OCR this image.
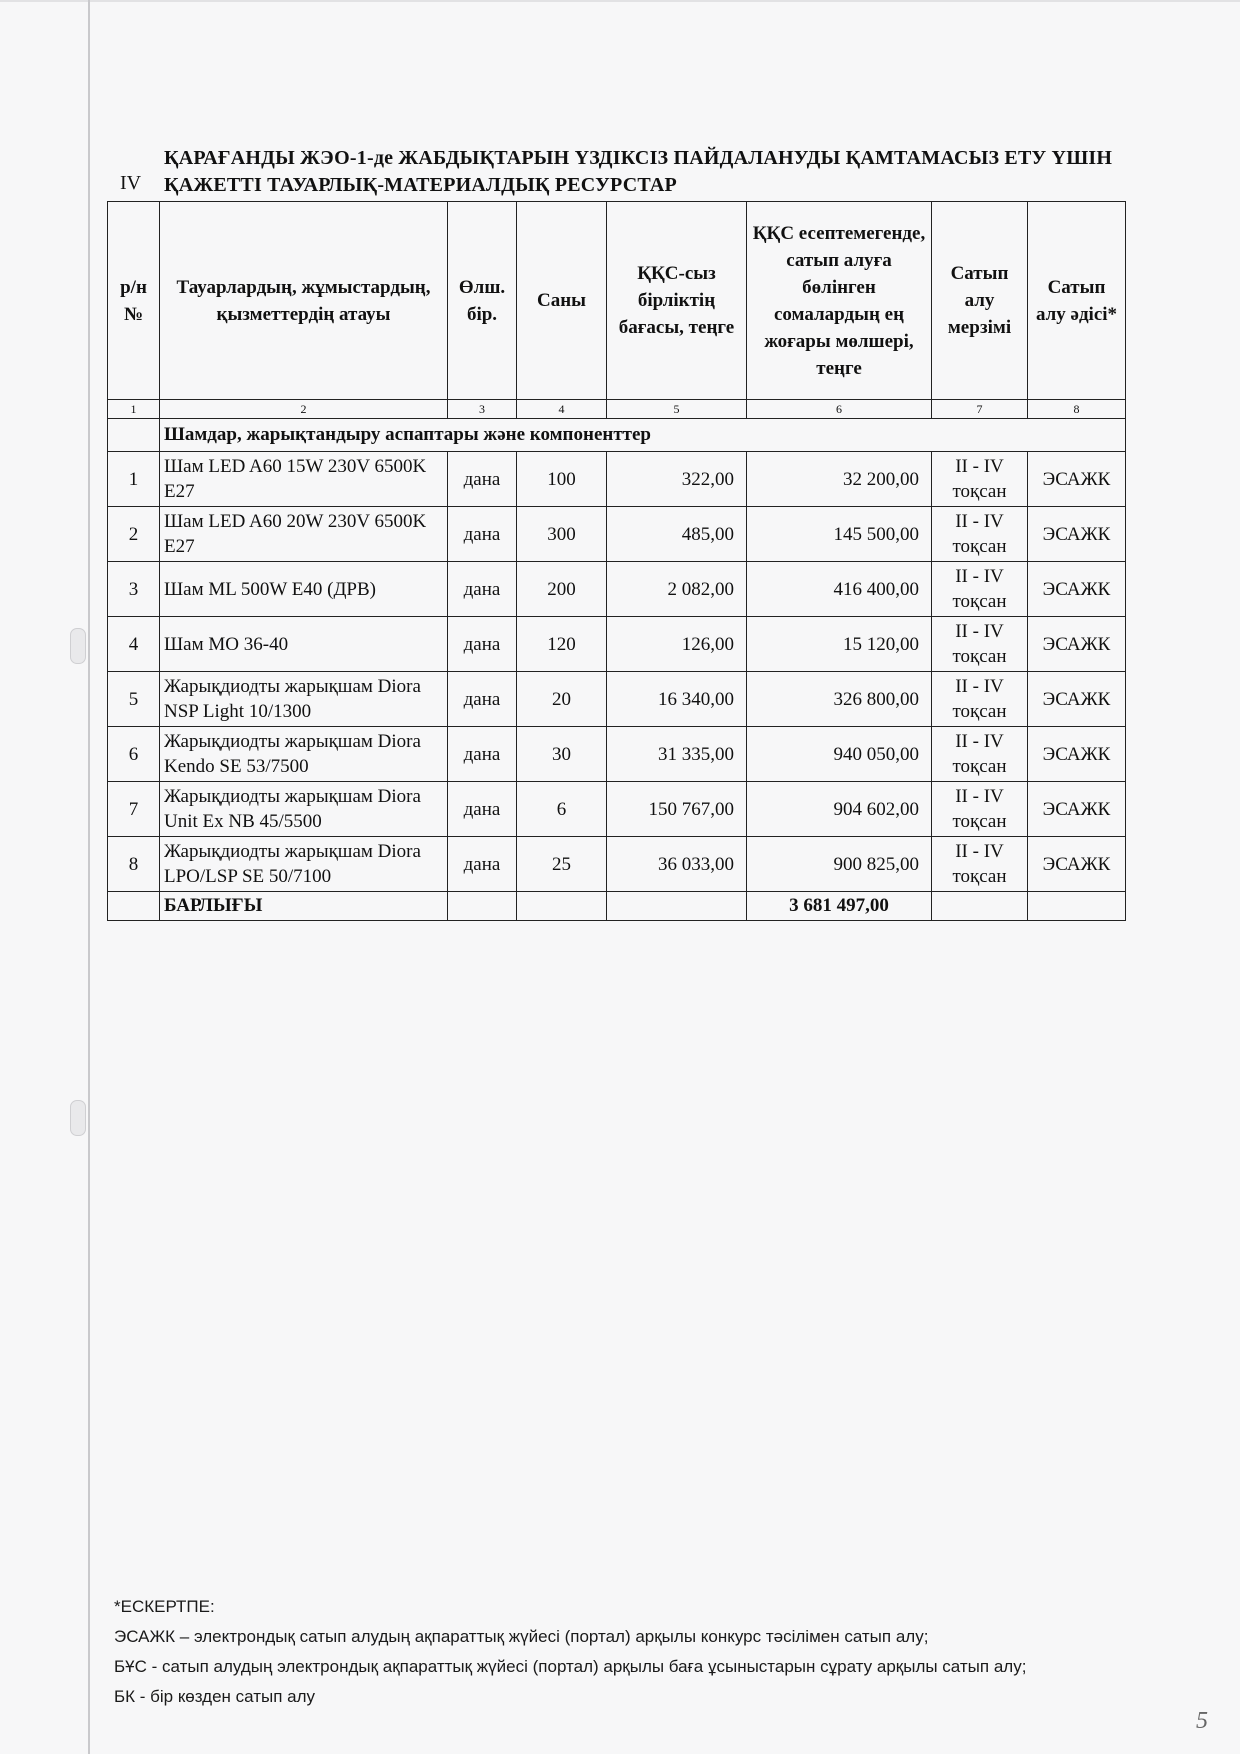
IV
ҚАРАҒАНДЫ ЖЭО-1-де ЖАБДЫҚТАРЫН ҮЗДІКСІЗ ПАЙДАЛАНУДЫ ҚАМТАМАСЫЗ ЕТУ ҮШІН ҚАЖЕТТІ ТАУАРЛЫҚ-МАТЕРИАЛДЫҚ РЕСУРСТАР
р/н №	Тауарлардың, жұмыстардың, қызметтердің атауы	Өлш. бір.	Саны	ҚҚС-сыз бірліктің бағасы, теңге	ҚҚС есептемегенде, сатып алуға бөлінген сомалардың ең жоғары мөлшері, теңге	Сатып алу мерзімі	Сатып алу әдісі*
1	2	3	4	5	6	7	8
	Шамдар, жарықтандыру аспаптары және компоненттер						
1	Шам LED A60 15W 230V 6500K E27	дана	100	322,00	32 200,00	II - IV тоқсан	ЭСАЖК
2	Шам LED A60 20W 230V 6500K E27	дана	300	485,00	145 500,00	II - IV тоқсан	ЭСАЖК
3	Шам ML 500W E40 (ДРВ)	дана	200	2 082,00	416 400,00	II - IV тоқсан	ЭСАЖК
4	Шам МО 36-40	дана	120	126,00	15 120,00	II - IV тоқсан	ЭСАЖК
5	Жарықдиодты жарықшам Diora NSP Light 10/1300	дана	20	16 340,00	326 800,00	II - IV тоқсан	ЭСАЖК
6	Жарықдиодты жарықшам Diora Kendo SE 53/7500	дана	30	31 335,00	940 050,00	II - IV тоқсан	ЭСАЖК
7	Жарықдиодты жарықшам Diora Unit Ex NB 45/5500	дана	6	150 767,00	904 602,00	II - IV тоқсан	ЭСАЖК
8	Жарықдиодты жарықшам Diora LPO/LSP SE 50/7100	дана	25	36 033,00	900 825,00	II - IV тоқсан	ЭСАЖК
	БАРЛЫҒЫ				3 681 497,00		
*ЕСКЕРТПЕ:
ЭСАЖК – электрондық сатып алудың ақпараттық жүйесі (портал) арқылы конкурс тәсілімен сатып алу;
БҰС - сатып алудың электрондық ақпараттық жүйесі (портал) арқылы баға ұсыныстарын сұрату арқылы сатып алу;
БК - бір көзден сатып алу
5
